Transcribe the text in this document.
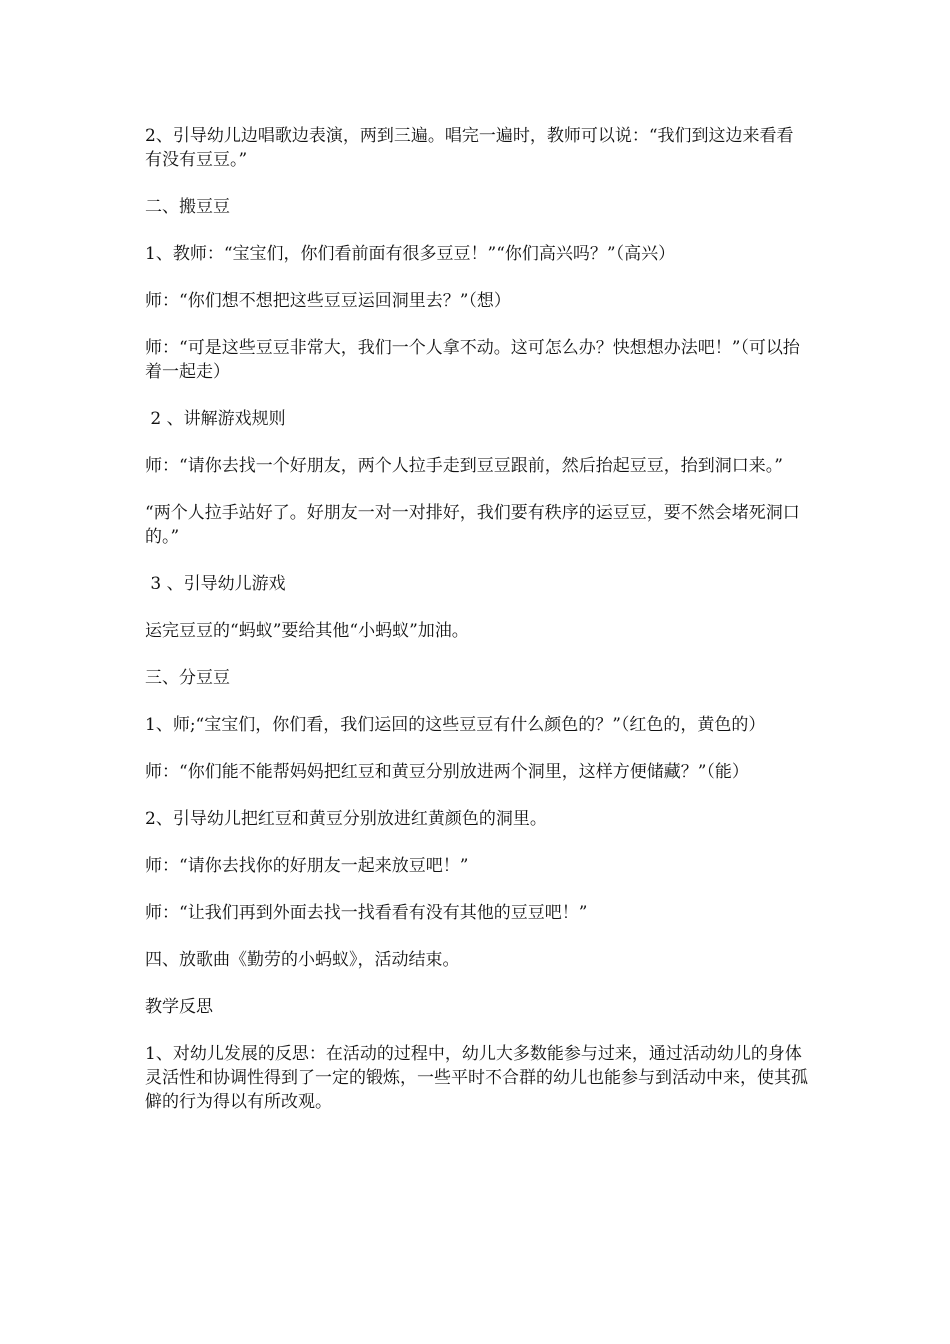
2、引导幼儿边唱歌边表演，两到三遍。唱完一遍时，教师可以说：“我们到这边来看看有没有豆豆。”

二、搬豆豆

1、教师：“宝宝们，你们看前面有很多豆豆！”“你们高兴吗？”（高兴）

师：“你们想不想把这些豆豆运回洞里去？”（想）

师：“可是这些豆豆非常大，我们一个人拿不动。这可怎么办？快想想办法吧！”（可以抬着一起走）

2 、讲解游戏规则

师：“请你去找一个好朋友，两个人拉手走到豆豆跟前，然后抬起豆豆，抬到洞口来。”

“两个人拉手站好了。好朋友一对一对排好，我们要有秩序的运豆豆，要不然会堵死洞口的。”

3 、引导幼儿游戏

运完豆豆的“蚂蚁”要给其他“小蚂蚁”加油。

三、分豆豆

1、师;“宝宝们，你们看，我们运回的这些豆豆有什么颜色的？”（红色的，黄色的）

师：“你们能不能帮妈妈把红豆和黄豆分别放进两个洞里，这样方便储藏？”（能）

2、引导幼儿把红豆和黄豆分别放进红黄颜色的洞里。

师：“请你去找你的好朋友一起来放豆吧！”

师：“让我们再到外面去找一找看看有没有其他的豆豆吧！”

四、放歌曲《勤劳的小蚂蚁》，活动结束。

教学反思

1、对幼儿发展的反思：在活动的过程中，幼儿大多数能参与过来，通过活动幼儿的身体灵活性和协调性得到了一定的锻炼，一些平时不合群的幼儿也能参与到活动中来，使其孤僻的行为得以有所改观。
